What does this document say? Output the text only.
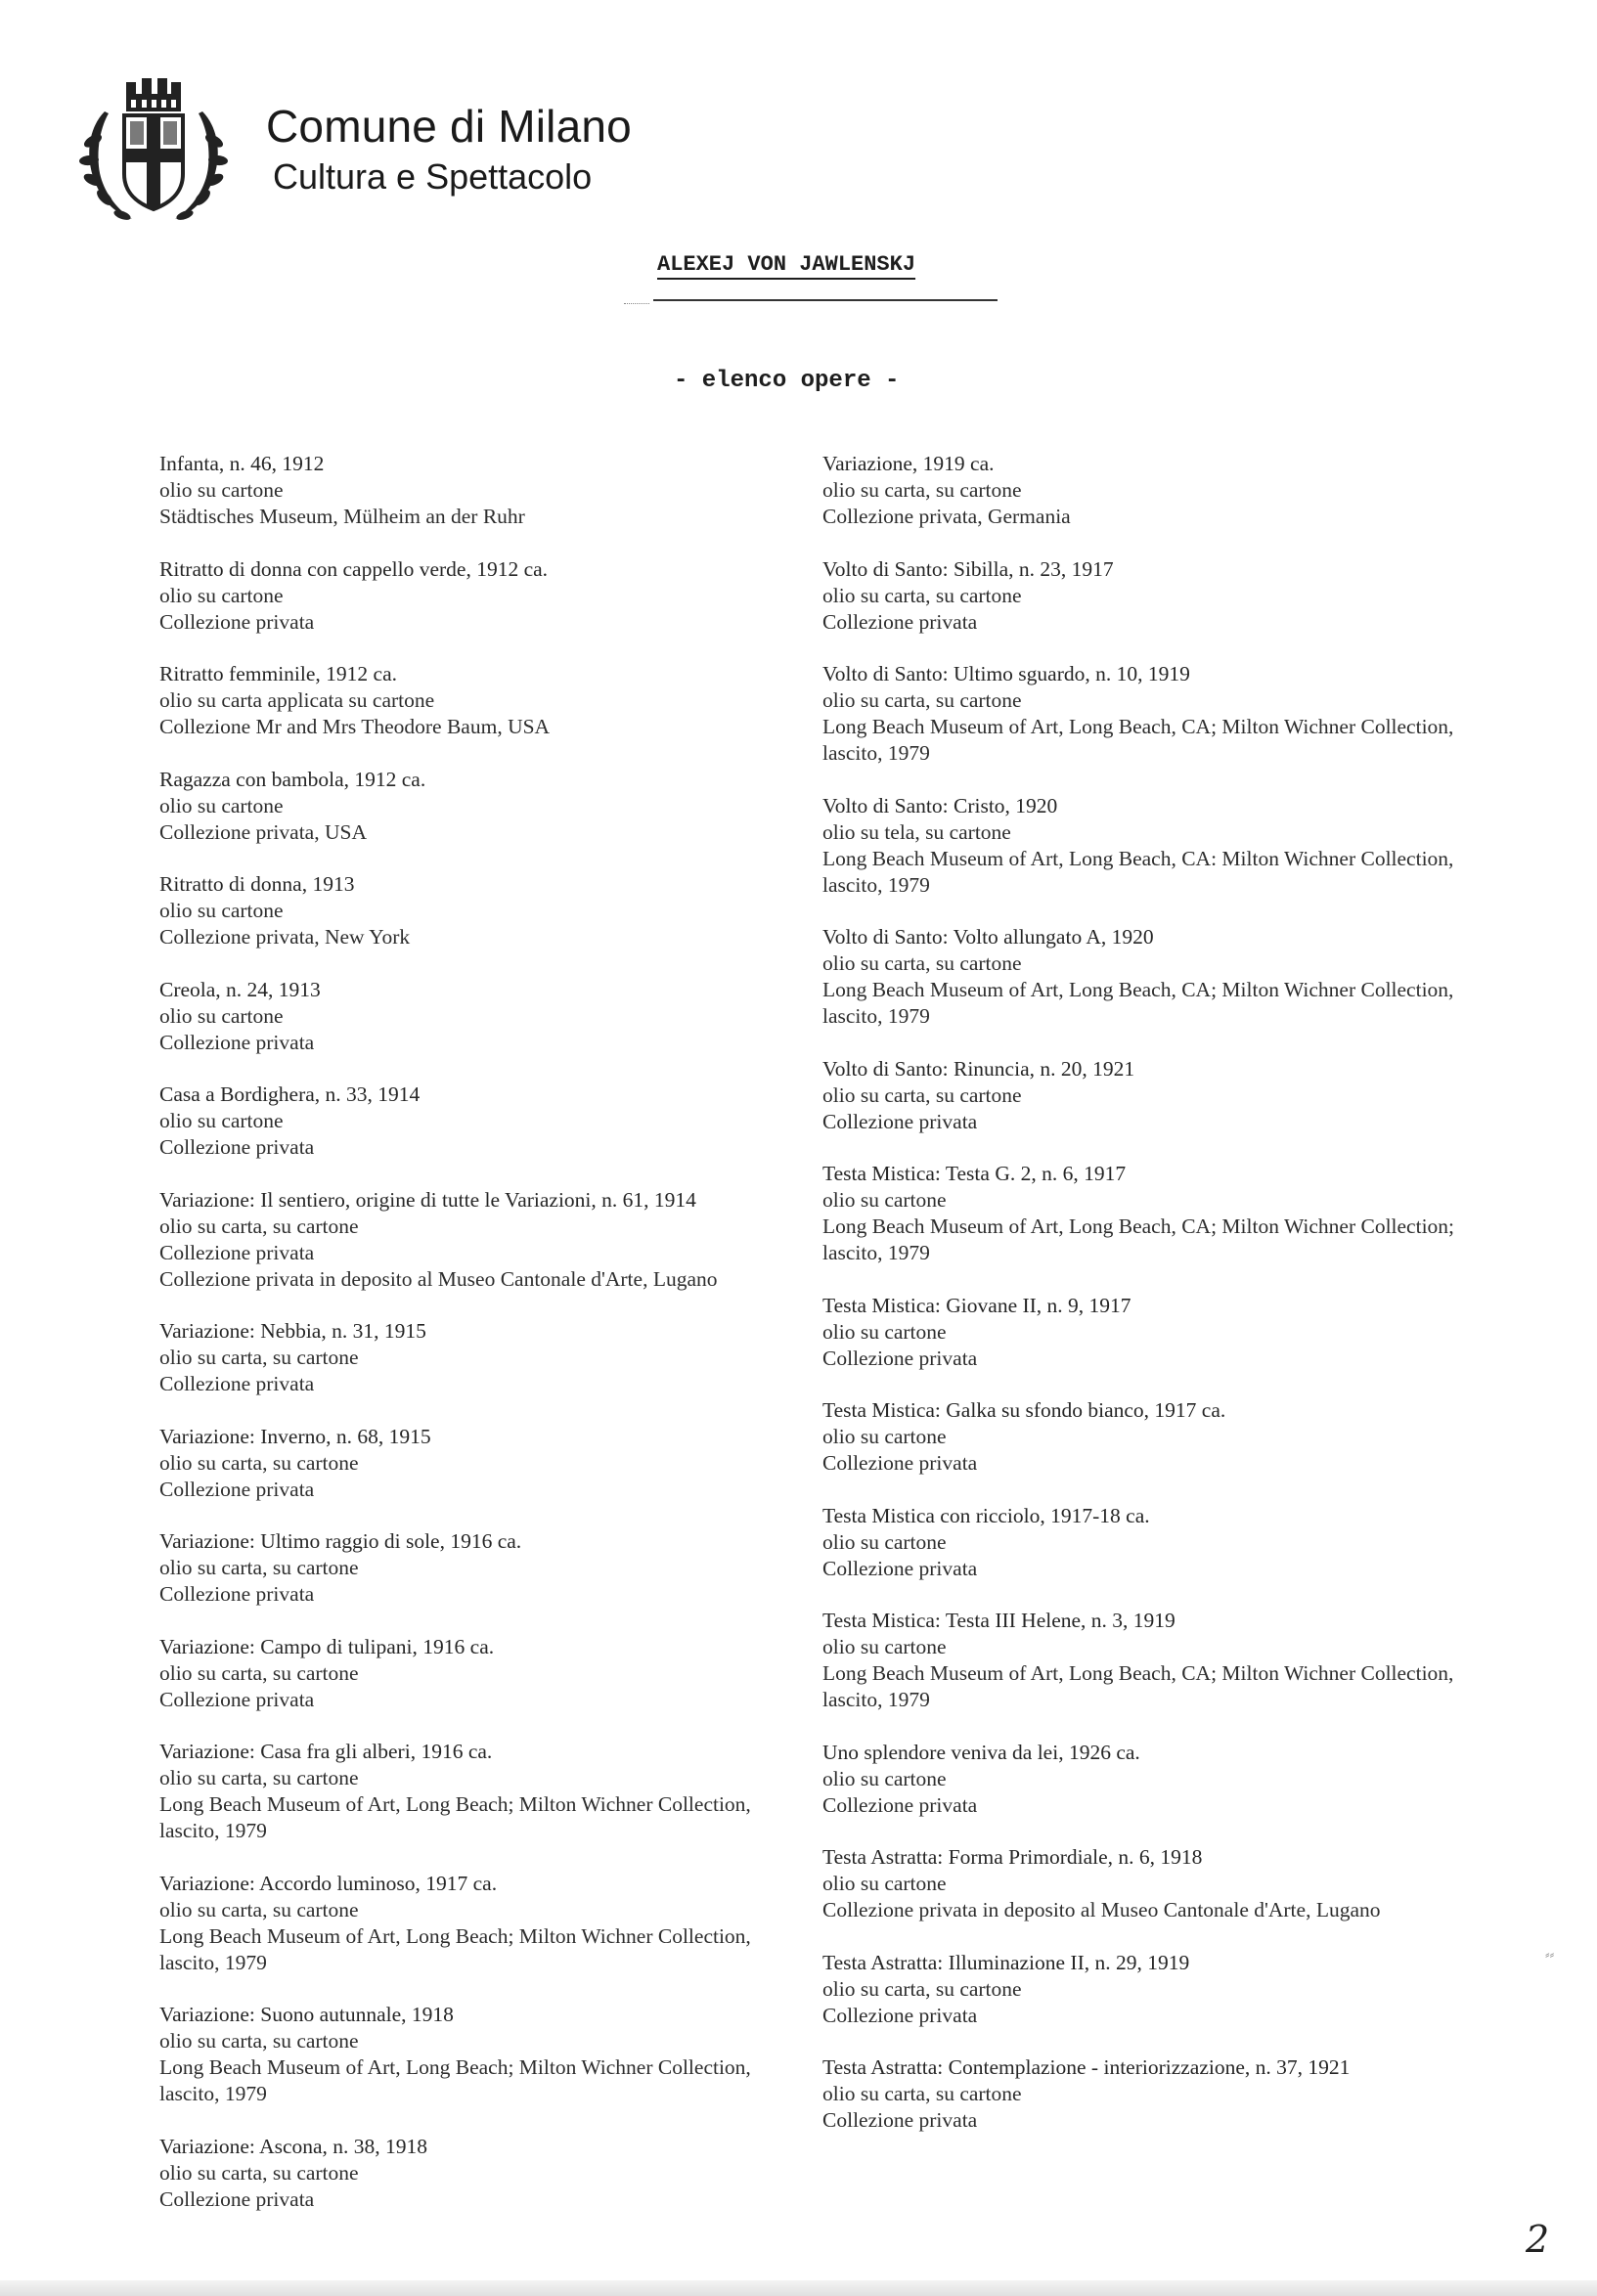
Comune di Milano
Cultura e Spettacolo
ALEXEJ VON JAWLENSKJ
- elenco opere -
Infanta, n. 46, 1912
olio su cartone
Städtisches Museum, Mülheim an der Ruhr
Ritratto di donna con cappello verde, 1912 ca.
olio su cartone
Collezione privata
Ritratto femminile, 1912 ca.
olio su carta applicata su cartone
Collezione Mr and Mrs Theodore Baum, USA
Ragazza con bambola, 1912 ca.
olio su cartone
Collezione privata, USA
Ritratto di donna, 1913
olio su cartone
Collezione privata, New York
Creola, n. 24, 1913
olio su cartone
Collezione privata
Casa a Bordighera, n. 33, 1914
olio su cartone
Collezione privata
Variazione: Il sentiero, origine di tutte le Variazioni, n. 61, 1914
olio su carta, su cartone
Collezione privata
Collezione privata in deposito al Museo Cantonale d'Arte, Lugano
Variazione: Nebbia, n. 31, 1915
olio su carta, su cartone
Collezione privata
Variazione: Inverno, n. 68, 1915
olio su carta, su cartone
Collezione privata
Variazione: Ultimo raggio di sole, 1916 ca.
olio su carta, su cartone
Collezione privata
Variazione: Campo di tulipani, 1916 ca.
olio su carta, su cartone
Collezione privata
Variazione: Casa fra gli alberi, 1916 ca.
olio su carta, su cartone
Long Beach Museum of Art, Long Beach; Milton Wichner Collection, lascito, 1979
Variazione: Accordo luminoso, 1917 ca.
olio su carta, su cartone
Long Beach Museum of Art, Long Beach; Milton Wichner Collection, lascito, 1979
Variazione: Suono autunnale, 1918
olio su carta, su cartone
Long Beach Museum of Art, Long Beach; Milton Wichner Collection, lascito, 1979
Variazione: Ascona, n. 38, 1918
olio su carta, su cartone
Collezione privata
Variazione, 1919 ca.
olio su carta, su cartone
Collezione privata, Germania
Volto di Santo: Sibilla, n. 23, 1917
olio su carta, su cartone
Collezione privata
Volto di Santo: Ultimo sguardo, n. 10, 1919
olio su carta, su cartone
Long Beach Museum of Art, Long Beach, CA; Milton Wichner Collection, lascito, 1979
Volto di Santo: Cristo, 1920
olio su tela, su cartone
Long Beach Museum of Art, Long Beach, CA: Milton Wichner Collection, lascito, 1979
Volto di Santo: Volto allungato A, 1920
olio su carta, su cartone
Long Beach Museum of Art, Long Beach, CA; Milton Wichner Collection, lascito, 1979
Volto di Santo: Rinuncia, n. 20, 1921
olio su carta, su cartone
Collezione privata
Testa Mistica: Testa G. 2, n. 6, 1917
olio su cartone
Long Beach Museum of Art, Long Beach, CA; Milton Wichner Collection; lascito, 1979
Testa Mistica: Giovane II, n. 9, 1917
olio su cartone
Collezione privata
Testa Mistica: Galka su sfondo bianco, 1917 ca.
olio su cartone
Collezione privata
Testa Mistica con ricciolo, 1917-18 ca.
olio su cartone
Collezione privata
Testa Mistica: Testa III Helene, n. 3, 1919
olio su cartone
Long Beach Museum of Art, Long Beach, CA; Milton Wichner Collection, lascito, 1979
Uno splendore veniva da lei, 1926 ca.
olio su cartone
Collezione privata
Testa Astratta: Forma Primordiale, n. 6, 1918
olio su cartone
Collezione privata in deposito al Museo Cantonale d'Arte, Lugano
Testa Astratta: Illuminazione II, n. 29, 1919
olio su carta, su cartone
Collezione privata
Testa Astratta: Contemplazione - interiorizzazione, n. 37, 1921
olio su carta, su cartone
Collezione privata
⸗⸗
2
